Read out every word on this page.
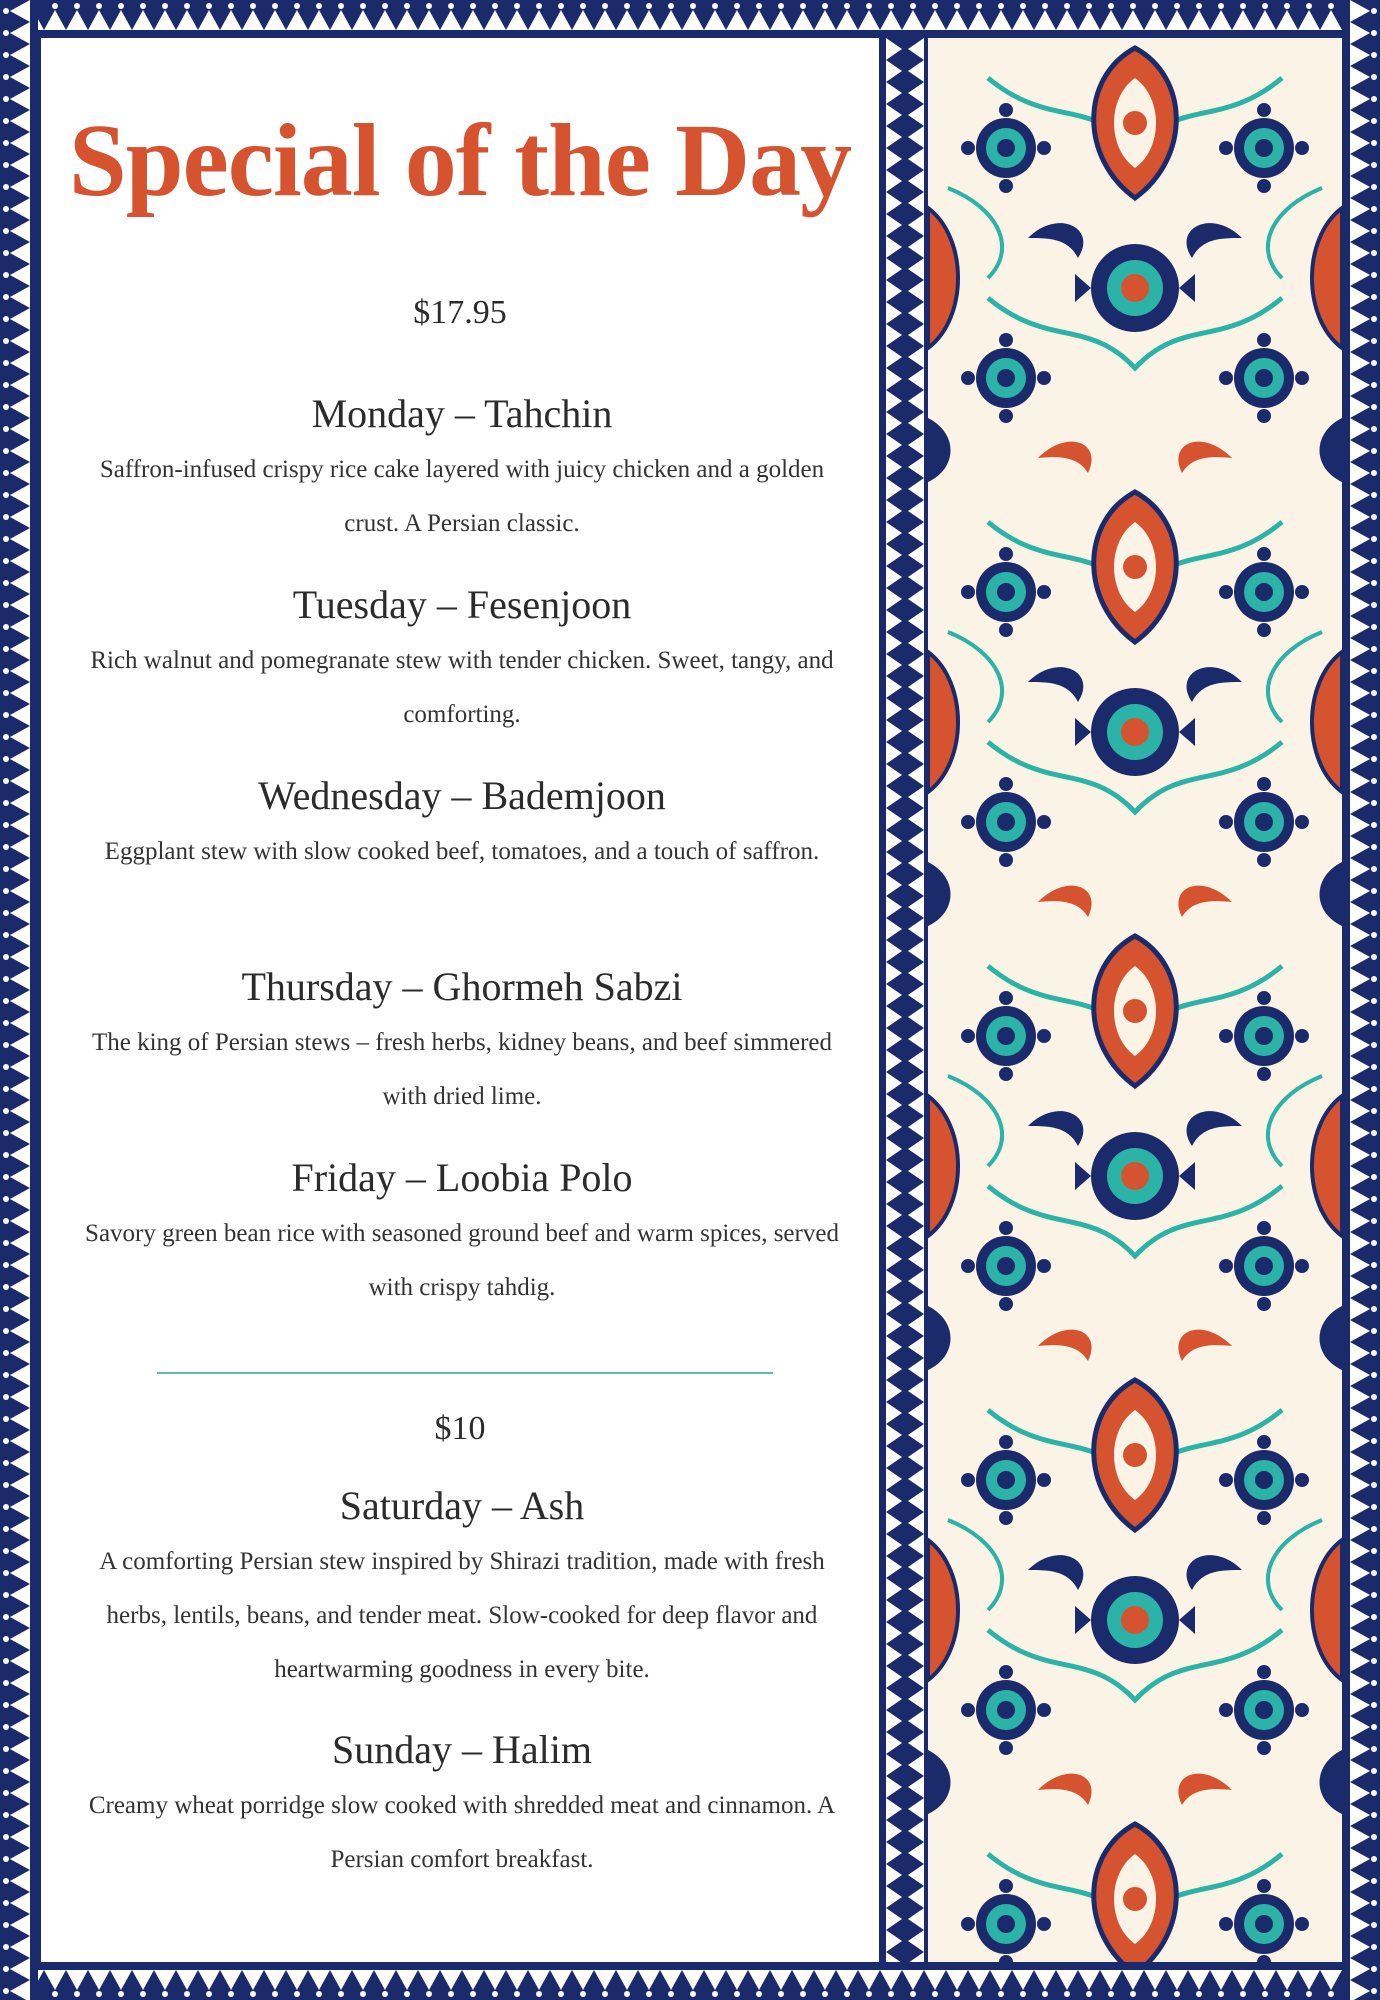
Special of the Day

$17.95

Monday – Tahchin

Saffron-infused crispy rice cake layered with juicy chicken and a golden crust. A Persian classic.

Tuesday – Fesenjoon

Rich walnut and pomegranate stew with tender chicken. Sweet, tangy, and comforting.

Wednesday – Bademjoon

Eggplant stew with slow cooked beef, tomatoes, and a touch of saffron.

Thursday – Ghormeh Sabzi

The king of Persian stews – fresh herbs, kidney beans, and beef simmered with dried lime.

Friday – Loobia Polo

Savory green bean rice with seasoned ground beef and warm spices, served with crispy tahdig.

$10

Saturday – Ash

A comforting Persian stew inspired by Shirazi tradition, made with fresh herbs, lentils, beans, and tender meat. Slow-cooked for deep flavor and heartwarming goodness in every bite.

Sunday – Halim

Creamy wheat porridge slow cooked with shredded meat and cinnamon. A Persian comfort breakfast.
